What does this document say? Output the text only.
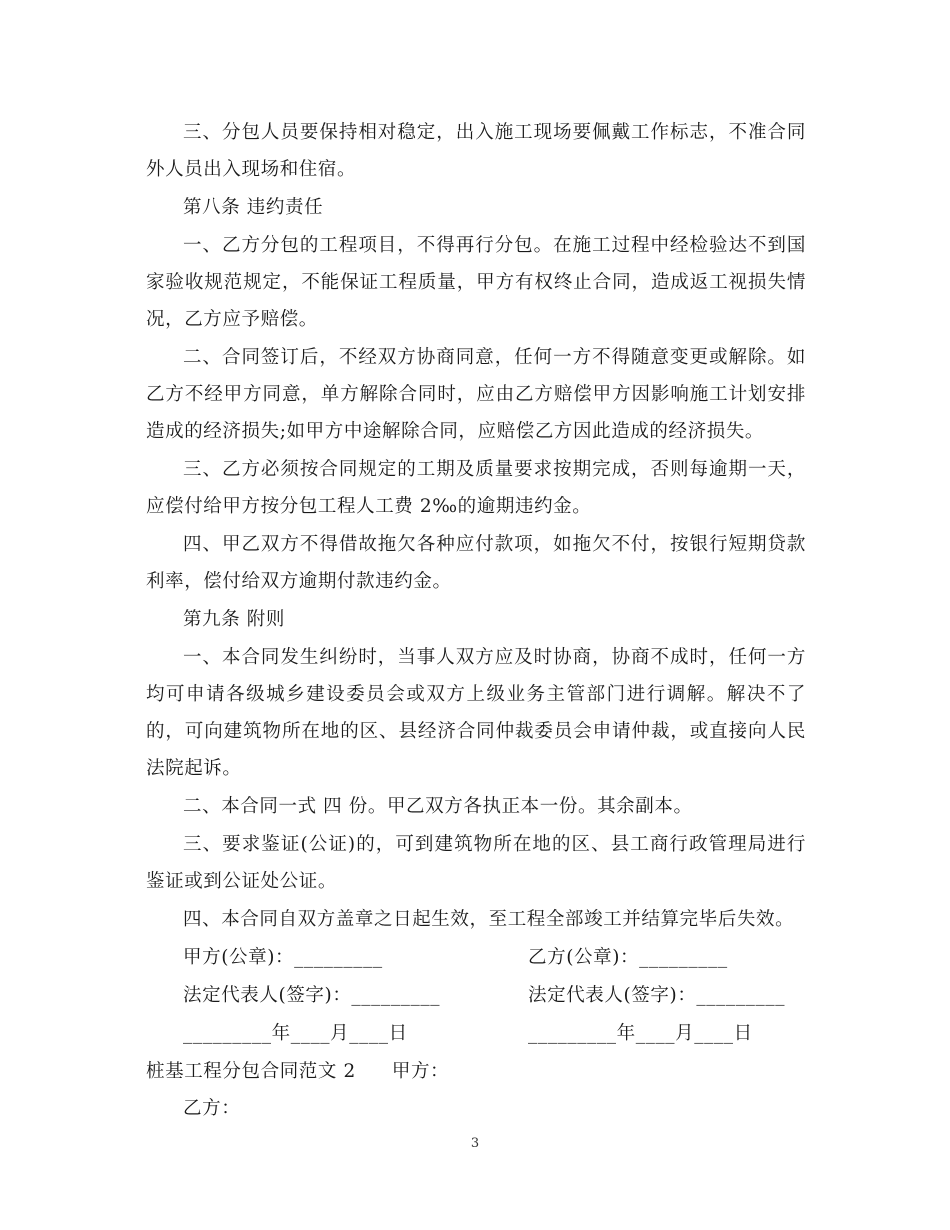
三、分包人员要保持相对稳定，出入施工现场要佩戴工作标志，不准合同外人员出入现场和住宿。

第八条 违约责任

一、乙方分包的工程项目，不得再行分包。在施工过程中经检验达不到国家验收规范规定，不能保证工程质量，甲方有权终止合同，造成返工视损失情况，乙方应予赔偿。

二、合同签订后，不经双方协商同意，任何一方不得随意变更或解除。如乙方不经甲方同意，单方解除合同时，应由乙方赔偿甲方因影响施工计划安排造成的经济损失;如甲方中途解除合同，应赔偿乙方因此造成的经济损失。

三、乙方必须按合同规定的工期及质量要求按期完成，否则每逾期一天，应偿付给甲方按分包工程人工费 2‰的逾期违约金。

四、甲乙双方不得借故拖欠各种应付款项，如拖欠不付，按银行短期贷款利率，偿付给双方逾期付款违约金。

第九条 附则

一、本合同发生纠纷时，当事人双方应及时协商，协商不成时，任何一方均可申请各级城乡建设委员会或双方上级业务主管部门进行调解。解决不了的，可向建筑物所在地的区、县经济合同仲裁委员会申请仲裁，或直接向人民法院起诉。

二、本合同一式 四 份。甲乙双方各执正本一份。其余副本。

三、要求鉴证(公证)的，可到建筑物所在地的区、县工商行政管理局进行鉴证或到公证处公证。

四、本合同自双方盖章之日起生效，至工程全部竣工并结算完毕后失效。

甲方(公章)：_________	乙方(公章)：_________
法定代表人(签字)：_________	法定代表人(签字)：_________
_________年____月____日	_________年____月____日
桩基工程分包合同范文 2 甲方：
乙方：
3
